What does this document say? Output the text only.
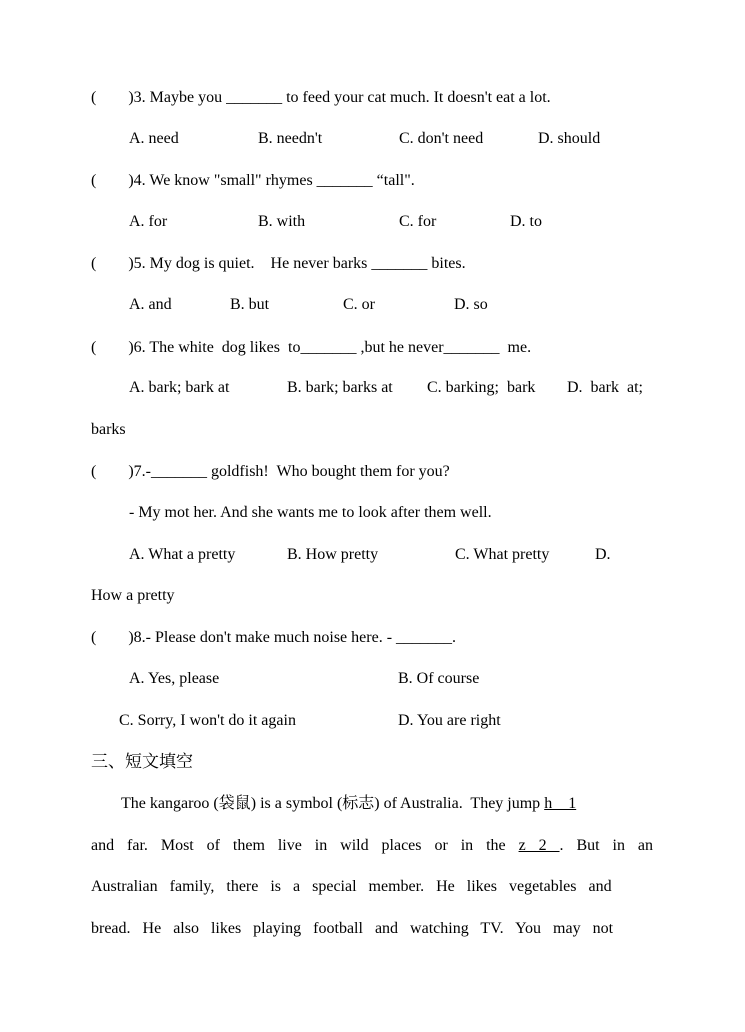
(        )3. Maybe you _______ to feed your cat much. It doesn't eat a lot.
A. need	B. needn't	C. don't need	D. should
(        )4. We know "small" rhymes _______ “tall".
A. for	B. with	C. for	D. to
(        )5. My dog is quiet.    He never barks _______ bites.
A. and	B. but	C. or	D. so
(        )6. The white  dog likes  to_______ ,but he never_______  me.
A. bark; bark at	B. bark; barks at C. barking;  bark D.  bark  at;
barks
(        )7.-_______ goldfish!  Who bought them for you?
- My mot her. And she wants me to look after them well.
A. What a pretty	B. How pretty	C. What pretty	D.
How a pretty
(        )8.- Please don't make much noise here. - _______.
A. Yes, please	B. Of course
C. Sorry, I won't do it again	D. You are right
三、短文填空
The kangaroo (袋鼠) is a symbol (标志) of Australia.  They jump h    1
and far. Most of them live in wild places or in the z 2 . But in an
Australian  family,  there  is  a  special  member.  He  likes  vegetables  and
bread.  He  also  likes  playing  football  and  watching  TV.  You  may  not
